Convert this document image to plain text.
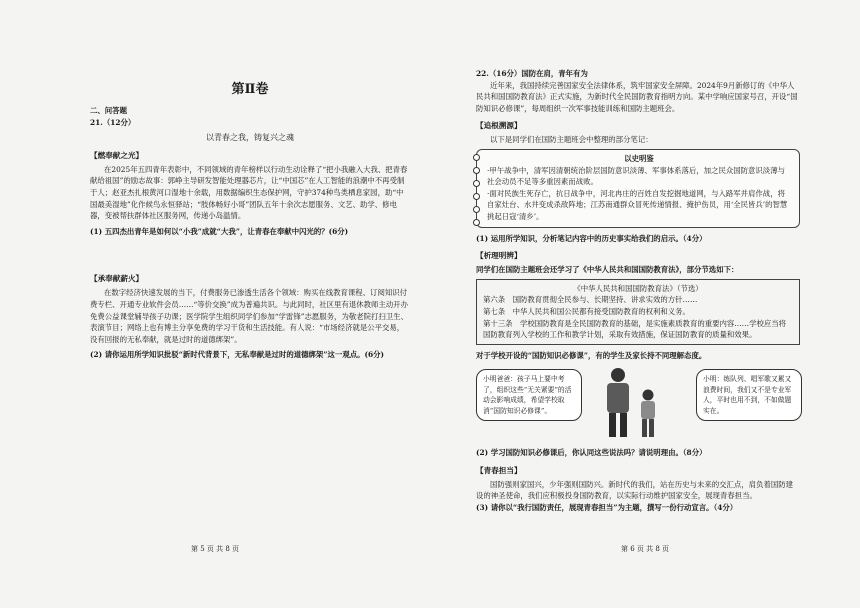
第Ⅱ卷

二、问答题

21.（12分）

以青春之我，铸复兴之魂

【燃奉献之光】

在2025年五四青年表彰中，不同领域的青年榜样以行动生动诠释了“把小我融入大我、把青春献给祖国”的励志故事：郭峥主导研发智能处理器芯片，让“中国芯”在人工智能的浪潮中不再受制于人；赵亚杰扎根黄河口湿地十余载，用数据编织生态保护网，守护374种鸟类栖息家园，助“中国最美湿地”化作候鸟永恒驿站；“肢体畅好小哥”团队五年十余次志愿服务、文艺、助学、修电器，变被帮扶群体社区服务网，传递小岛温情。

(1) 五四杰出青年是如何以“小我”成就“大我”，让青春在奉献中闪光的？(6分)

【承奉献薪火】

在数字经济快速发展的当下，付费服务已渗透生活各个领域：购买在线教育课程、订阅知识付费专栏、开通专业软件会员……“等价交换”成为普遍共识。与此同时，社区里有退休教师主动开办免费公益课堂辅导孩子功课；医学院学生组织同学们参加“学雷锋”志愿服务，为敬老院打扫卫生、表演节目；网络上也有博主分享免费的学习干货和生活技能。有人说：“市场经济就是公平交易，没有回报的无私奉献，就是过时的道德绑架”。

(2) 请你运用所学知识批驳“新时代背景下，无私奉献是过时的道德绑架”这一观点。(6分)

第 5 页 共 8 页

22.（16分）国防在肩，青年有为

近年来，我国持续完善国家安全法律体系，筑牢国家安全屏障。2024年9月新修订的《中华人民共和国国防教育法》正式实施，为新时代全民国防教育指明方向。某中学响应国家号召，开设“国防知识必修课”，每周组织一次军事技能训练和国防主题班会。

【追根溯源】

以下是同学们在国防主题班会中整理的部分笔记：

以史明鉴

·甲午战争中，清军因清朝统治阶层国防意识淡薄、军事体系落后，加之民众国防意识淡薄与社会动员不足等多重因素而战败。

·面对民族生死存亡，抗日战争中，河北冉庄的百姓自发挖掘地道网，与入路军并肩作战，将自家灶台、水井变成杀敌阵地；江苏南通群众冒死传递情报、掩护伤员，用‘全民皆兵’的智慧挑起日寇‘清乡’。

(1) 运用所学知识，分析笔记内容中的历史事实给我们的启示。（4分）

【析理明辨】

同学们在国防主题班会还学习了《中华人民共和国国防教育法》，部分节选如下：

《中华人民共和国国防教育法》（节选）

第六条　国防教育贯彻全民参与、长期坚持、讲求实效的方针……

第七条　中华人民共和国公民都有接受国防教育的权利和义务。

第十三条　学校国防教育是全民国防教育的基础，是实施素质教育的重要内容……学校应当将国防教育列入学校的工作和教学计划，采取有效措施，保证国防教育的质量和效果。

对于学校开设的“国防知识必修课”，有的学生及家长持不同理解态度。

小明爸爸：孩子马上要中考了，组织这些“无关紧要”的活动会影响成绩，希望学校取消“国防知识必修课”。
小明：练队列、唱军歌又累又浪费时间，我们又不是专业军人，平时也用不到，不如做题实在。

(2) 学习国防知识必修课后，你认同这些说法吗？请说明理由。（8分）

【青春担当】

国防强则家国兴，少年强则国防兴。新时代的我们，站在历史与未来的交汇点，肩负着国防建设的神圣使命，我们应积极投身国防教育，以实际行动维护国家安全，展现青春担当。

(3) 请你以“我行国防责任，展现青春担当”为主题，撰写一份行动宣言。（4分）

第 6 页 共 8 页
